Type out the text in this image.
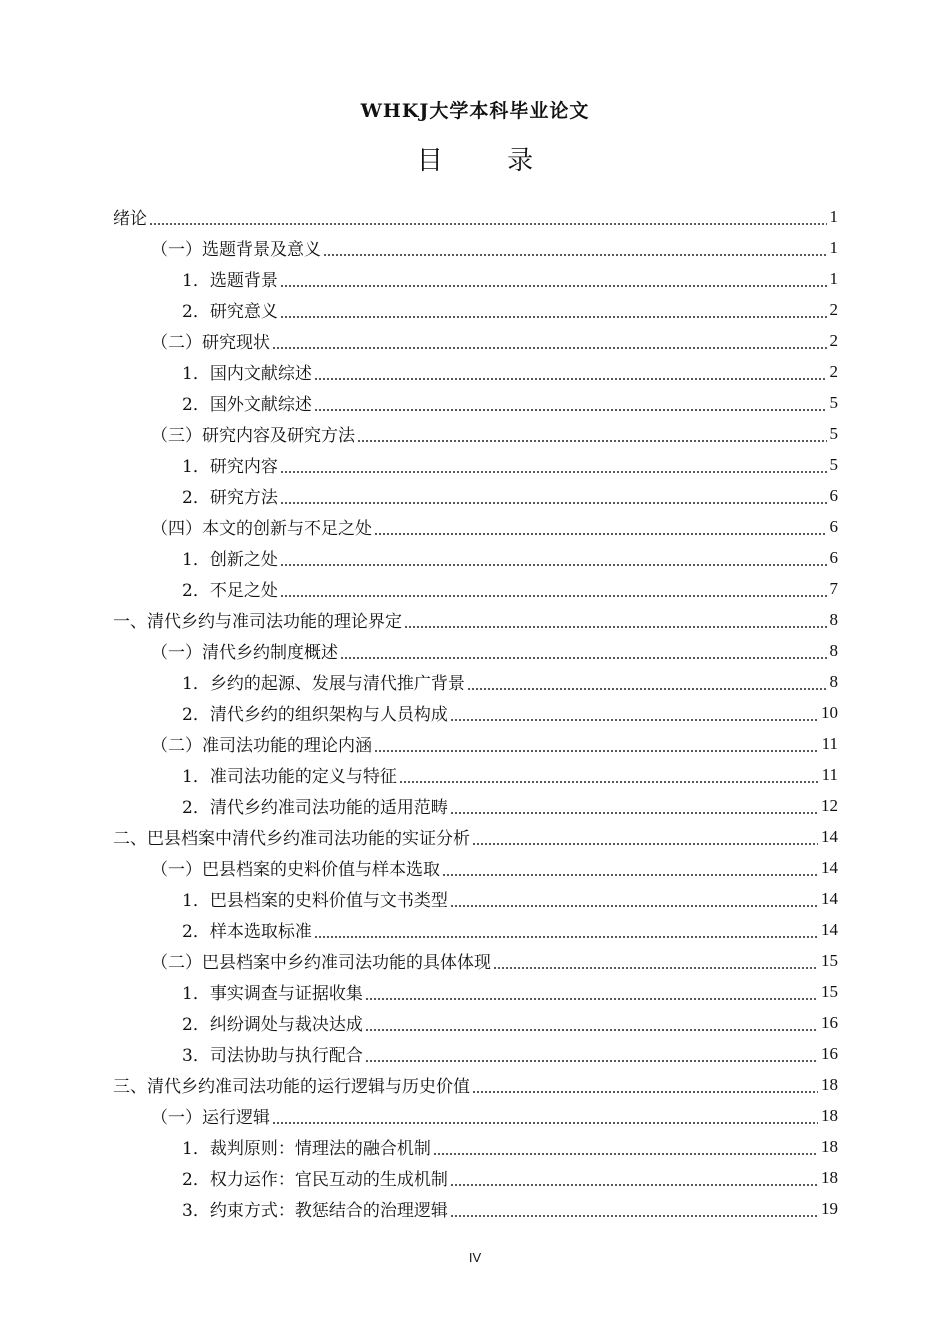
WHKJ大学本科毕业论文
目 录
绪论	1
（一）选题背景及意义	1
1．选题背景	1
2．研究意义	2
（二）研究现状	2
1．国内文献综述	2
2．国外文献综述	5
（三）研究内容及研究方法	5
1．研究内容	5
2．研究方法	6
（四）本文的创新与不足之处	6
1．创新之处	6
2．不足之处	7
一、清代乡约与准司法功能的理论界定	8
（一）清代乡约制度概述	8
1．乡约的起源、发展与清代推广背景	8
2．清代乡约的组织架构与人员构成	10
（二）准司法功能的理论内涵	11
1．准司法功能的定义与特征	11
2．清代乡约准司法功能的适用范畴	12
二、巴县档案中清代乡约准司法功能的实证分析	14
（一）巴县档案的史料价值与样本选取	14
1．巴县档案的史料价值与文书类型	14
2．样本选取标准	14
（二）巴县档案中乡约准司法功能的具体体现	15
1．事实调查与证据收集	15
2．纠纷调处与裁决达成	16
3．司法协助与执行配合	16
三、清代乡约准司法功能的运行逻辑与历史价值	18
（一）运行逻辑	18
1．裁判原则：情理法的融合机制	18
2．权力运作：官民互动的生成机制	18
3．约束方式：教惩结合的治理逻辑	19
IV
